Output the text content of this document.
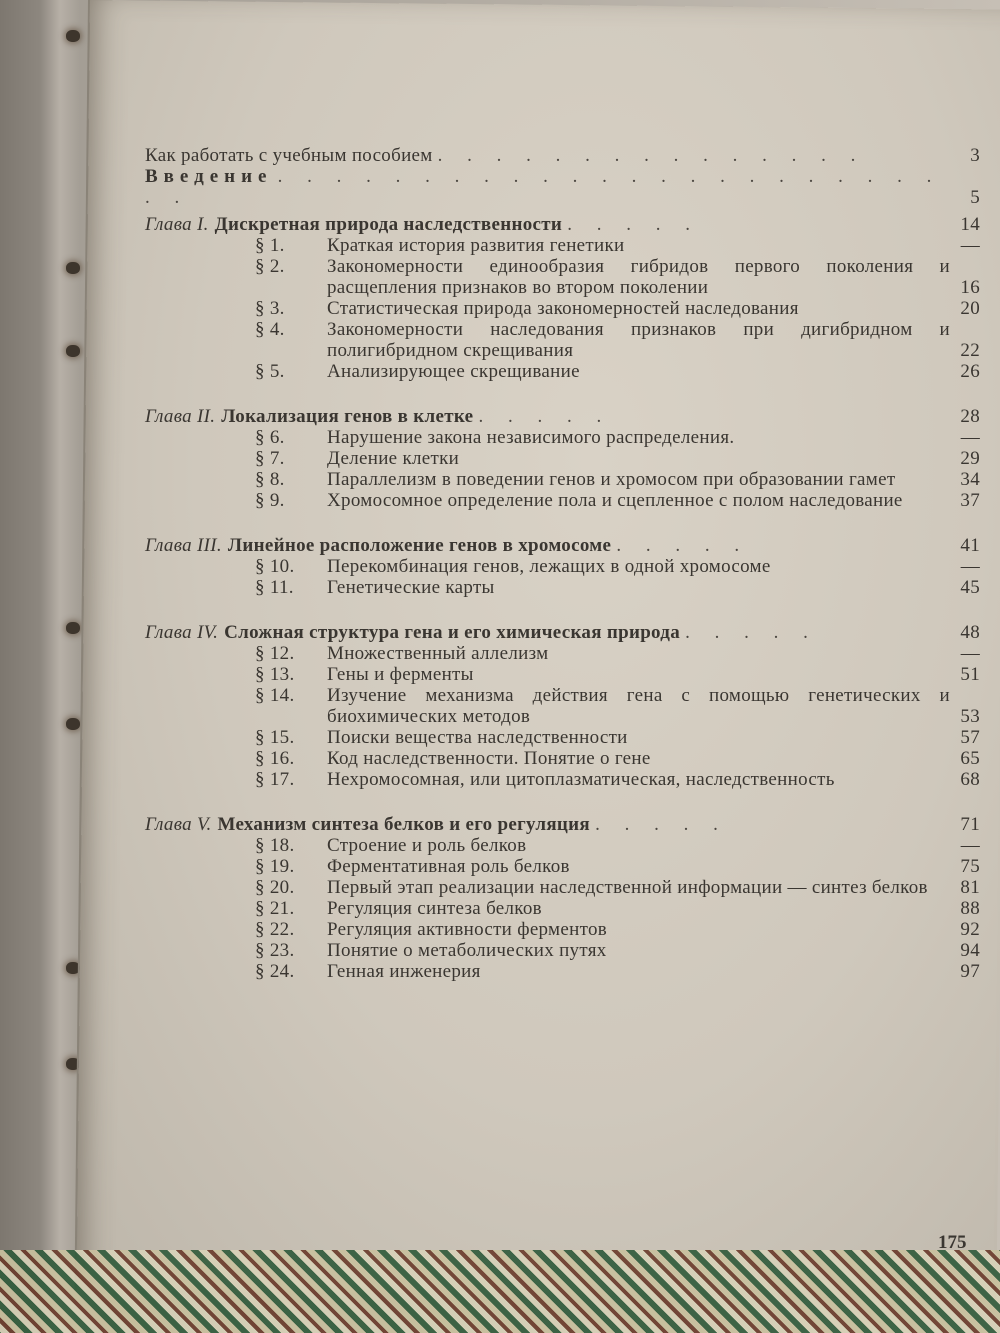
Как работать с учебным пособием . . . . . . . . . . . . . . .	3
Введение . . . . . . . . . . . . . . . . . . . . . . . . .	5
Глава I. Дискретная природа наследственности . . . . .	14
§ 1.	Краткая история развития генетики	—
§ 2.	Закономерности единообразия гибридов первого поколения и расщепления признаков во втором поколении	16
§ 3.	Статистическая природа закономерностей наследования	20
§ 4.	Закономерности наследования признаков при дигибридном и полигибридном скрещивания	22
§ 5.	Анализирующее скрещивание	26
Глава II. Локализация генов в клетке . . . . .	28
§ 6.	Нарушение закона независимого распределения.	—
§ 7.	Деление клетки	29
§ 8.	Параллелизм в поведении генов и хромосом при образовании гамет	34
§ 9.	Хромосомное определение пола и сцепленное с полом наследование	37
Глава III. Линейное расположение генов в хромосоме . . . . .	41
§ 10.	Перекомбинация генов, лежащих в одной хромосоме	—
§ 11.	Генетические карты	45
Глава IV. Сложная структура гена и его химическая природа . . . . .	48
§ 12.	Множественный аллелизм	—
§ 13.	Гены и ферменты	51
§ 14.	Изучение механизма действия гена с помощью генетических и биохимических методов	53
§ 15.	Поиски вещества наследственности	57
§ 16.	Код наследственности. Понятие о гене	65
§ 17.	Нехромосомная, или цитоплазматическая, наследственность	68
Глава V. Механизм синтеза белков и его регуляция . . . . .	71
§ 18.	Строение и роль белков	—
§ 19.	Ферментативная роль белков	75
§ 20.	Первый этап реализации наследственной информации — синтез белков	81
§ 21.	Регуляция синтеза белков	88
§ 22.	Регуляция активности ферментов	92
§ 23.	Понятие о метаболических путях	94
§ 24.	Генная инженерия	97
175
